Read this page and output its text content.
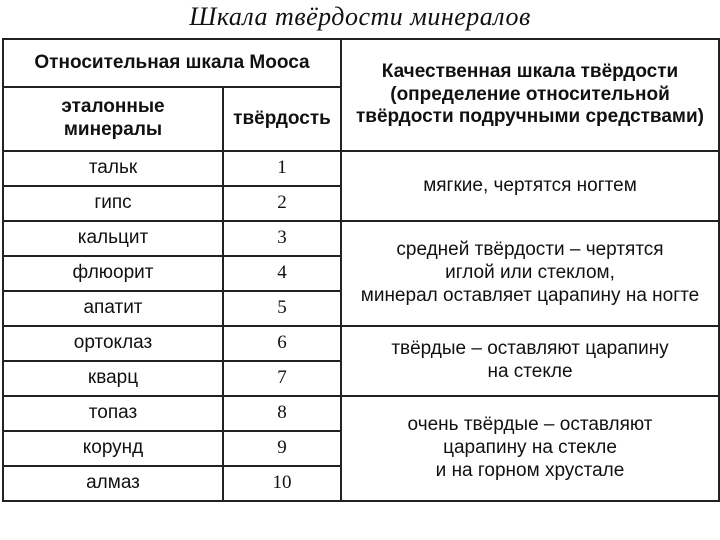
Шкала твёрдости минералов
Относительная шкала Мооса		Качественная шкала твёрдости
(определение относительной
твёрдости подручными средствами)

эталонные
минералы	твёрдость	
тальк	1	мягкие, чертятся ногтем

гипс	2	
кальцит	3	средней твёрдости – чертятся
иглой или стеклом,
минерал оставляет царапину на ногте

флюорит	4	
апатит	5	
ортоклаз	6	твёрдые – оставляют царапину
на стекле

кварц	7	
топаз	8	очень твёрдые – оставляют
царапину на стекле
и на горном хрустале

корунд	9	
алмаз	10	
